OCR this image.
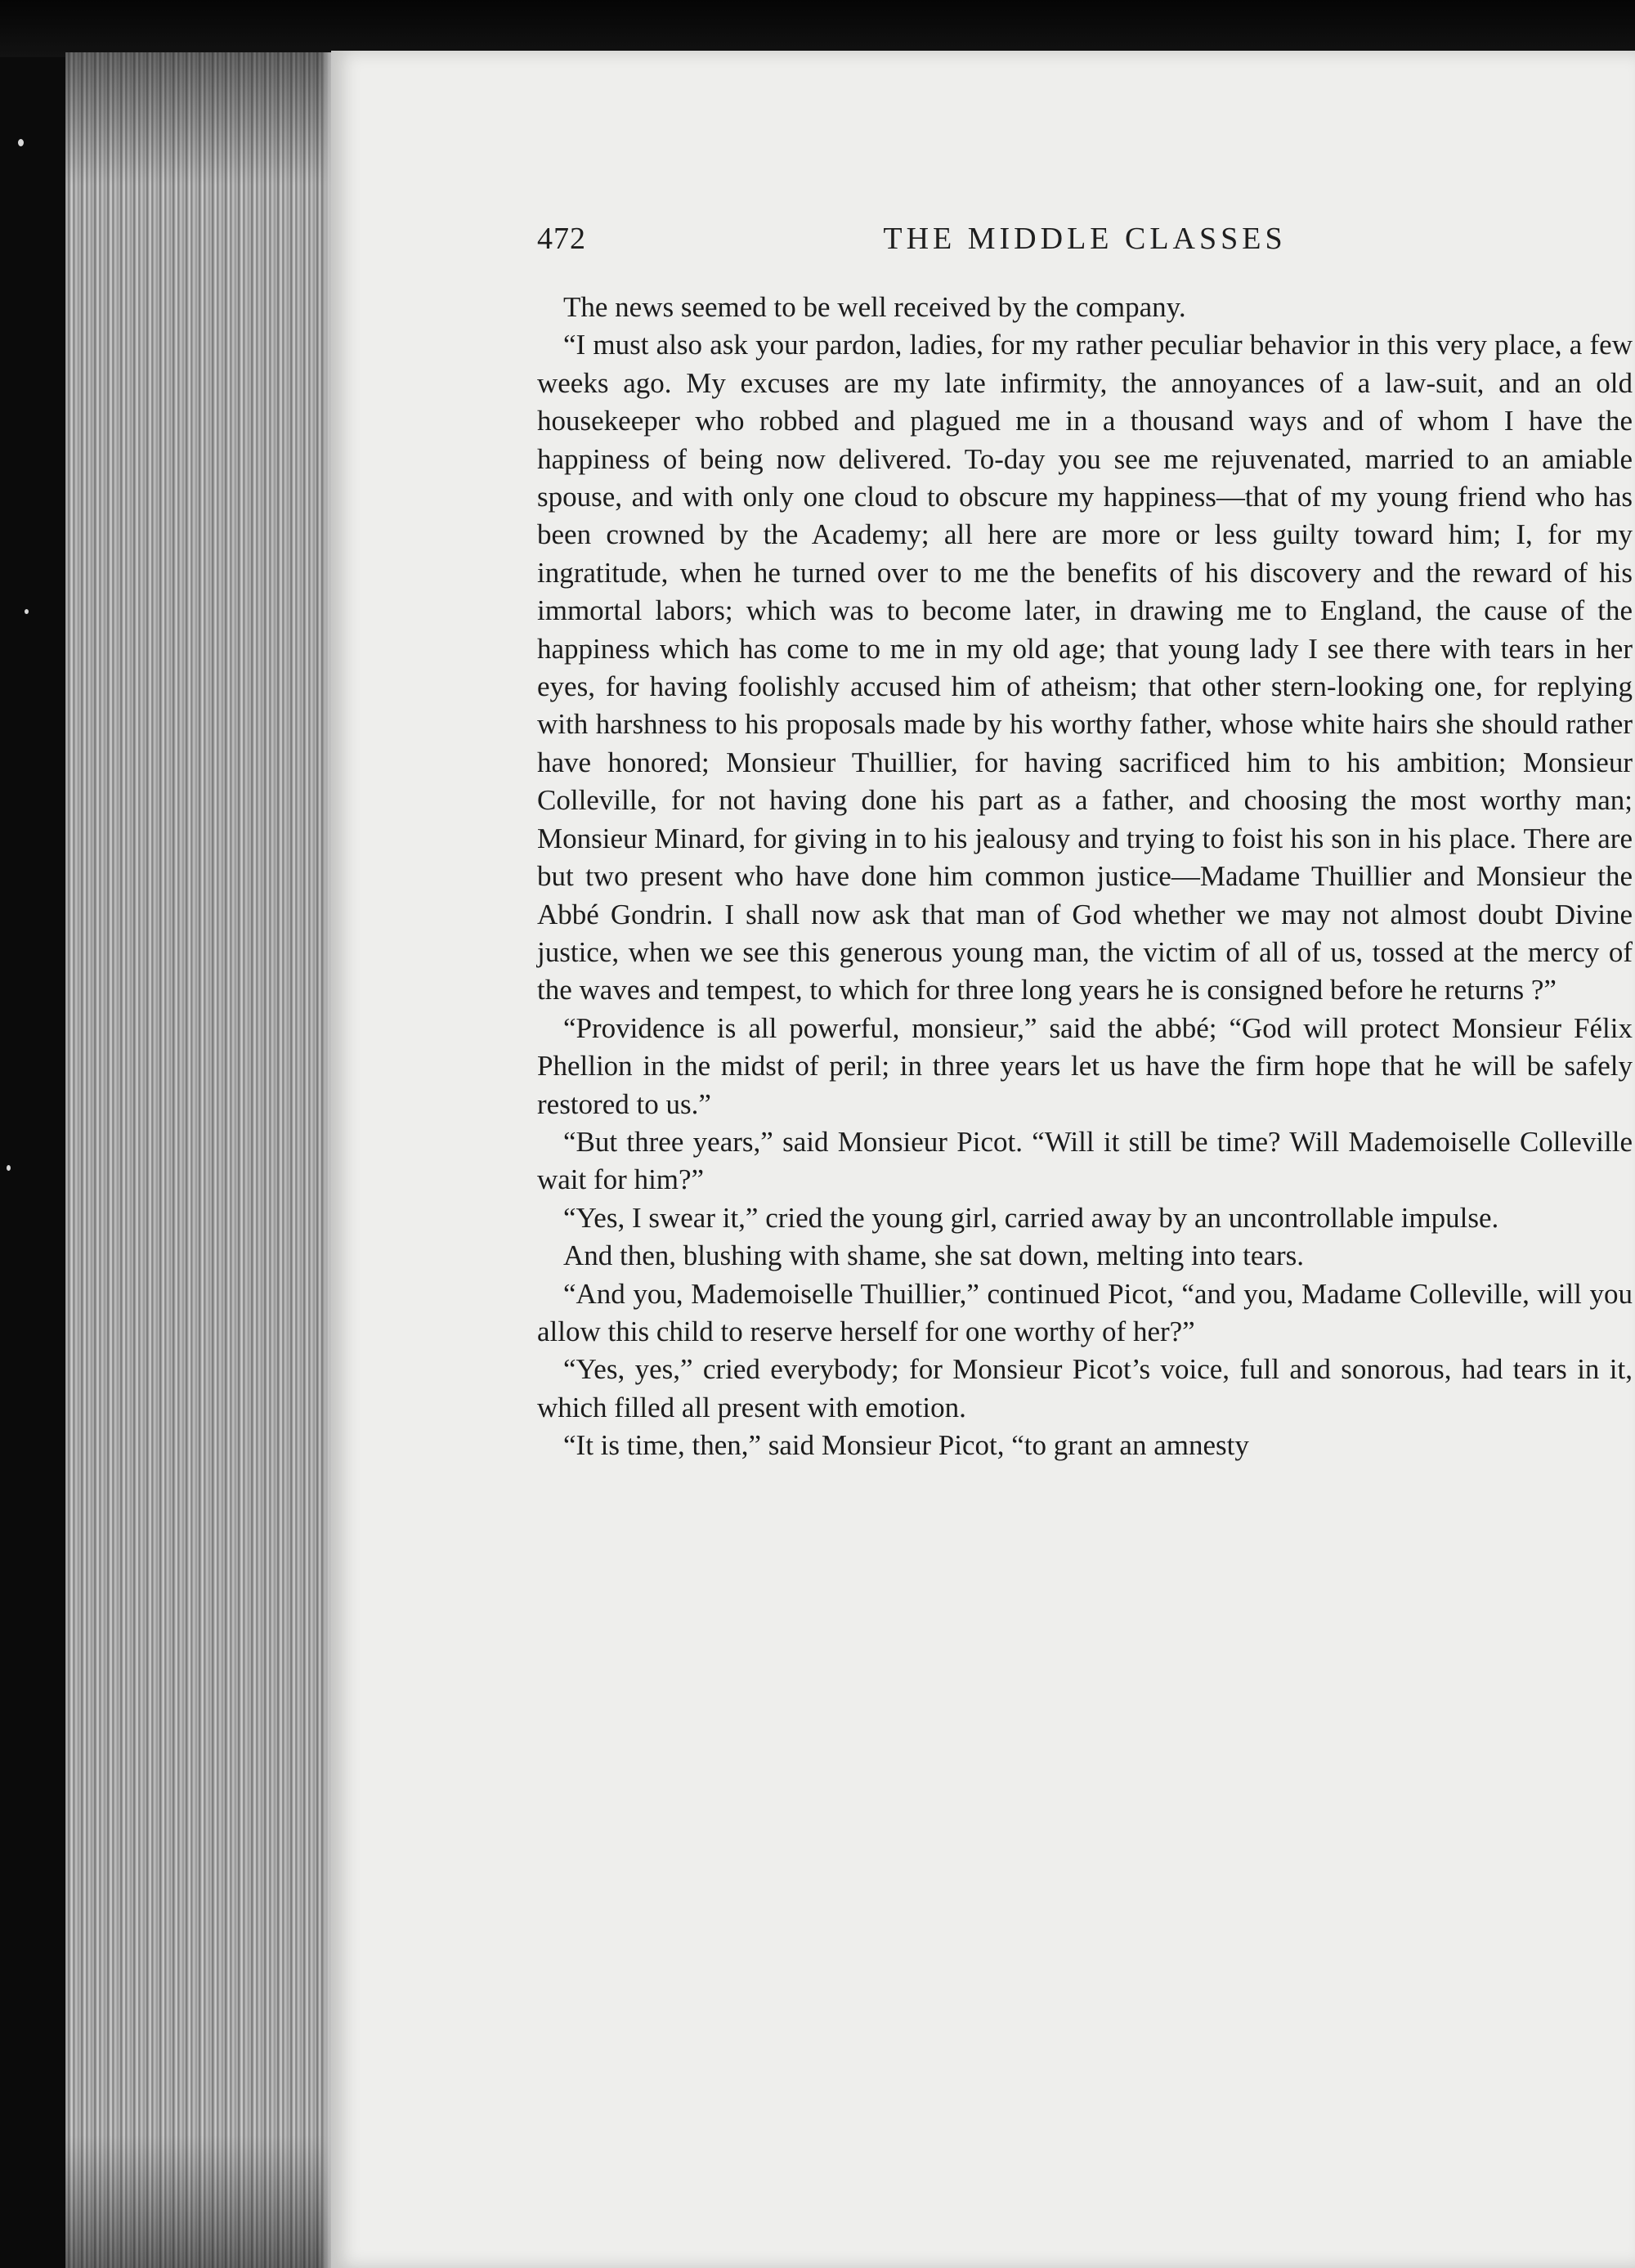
472	THE MIDDLE CLASSES

The news seemed to be well received by the company.

“I must also ask your pardon, ladies, for my rather peculiar behavior in this very place, a few weeks ago. My excuses are my late infirmity, the annoyances of a law-suit, and an old housekeeper who robbed and plagued me in a thousand ways and of whom I have the happiness of being now delivered. To-day you see me rejuvenated, married to an amiable spouse, and with only one cloud to obscure my happiness—that of my young friend who has been crowned by the Academy; all here are more or less guilty toward him; I, for my ingratitude, when he turned over to me the benefits of his discovery and the reward of his immortal labors; which was to become later, in drawing me to England, the cause of the happiness which has come to me in my old age; that young lady I see there with tears in her eyes, for having foolishly accused him of atheism; that other stern-looking one, for replying with harshness to his proposals made by his worthy father, whose white hairs she should rather have honored; Monsieur Thuillier, for having sacrificed him to his ambition; Monsieur Colleville, for not having done his part as a father, and choosing the most worthy man; Monsieur Minard, for giving in to his jealousy and trying to foist his son in his place. There are but two present who have done him common justice—Madame Thuillier and Monsieur the Abbé Gondrin. I shall now ask that man of God whether we may not almost doubt Divine justice, when we see this generous young man, the victim of all of us, tossed at the mercy of the waves and tempest, to which for three long years he is consigned before he returns ?”

“Providence is all powerful, monsieur,” said the abbé; “God will protect Monsieur Félix Phellion in the midst of peril; in three years let us have the firm hope that he will be safely restored to us.”

“But three years,” said Monsieur Picot. “Will it still be time? Will Mademoiselle Colleville wait for him?”

“Yes, I swear it,” cried the young girl, carried away by an uncontrollable impulse.

And then, blushing with shame, she sat down, melting into tears.

“And you, Mademoiselle Thuillier,” continued Picot, “and you, Madame Colleville, will you allow this child to reserve herself for one worthy of her?”

“Yes, yes,” cried everybody; for Monsieur Picot’s voice, full and sonorous, had tears in it, which filled all present with emotion.

“It is time, then,” said Monsieur Picot, “to grant an amnesty
